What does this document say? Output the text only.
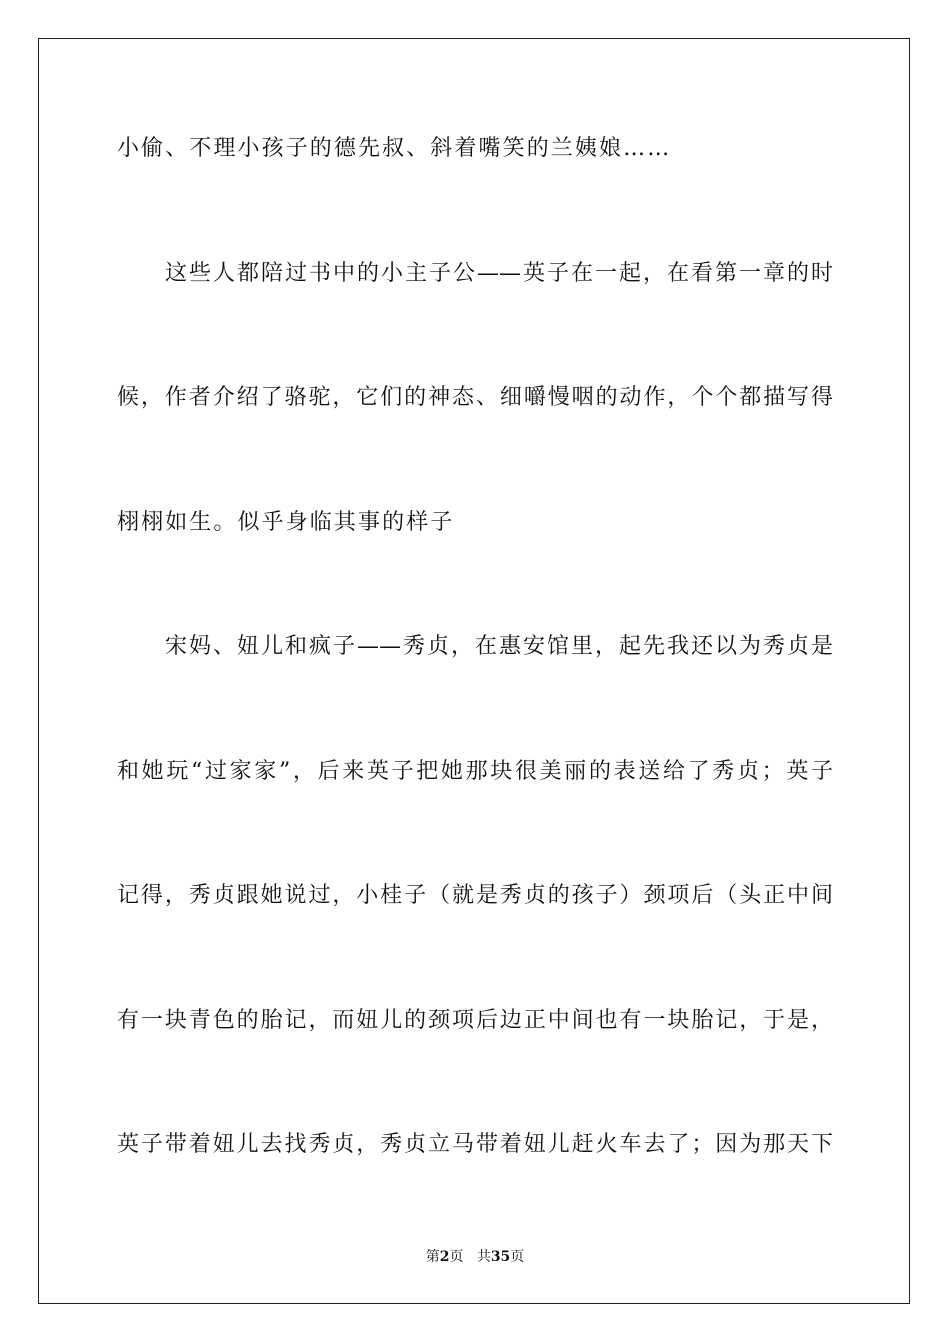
小偷、不理小孩子的德先叔、斜着嘴笑的兰姨娘……
这些人都陪过书中的小主子公——英子在一起，在看第一章的时
候，作者介绍了骆驼，它们的神态、细嚼慢咽的动作，个个都描写得
栩栩如生。似乎身临其事的样子
宋妈、妞儿和疯子——秀贞，在惠安馆里，起先我还以为秀贞是
和她玩“过家家”，后来英子把她那块很美丽的表送给了秀贞；英子
记得，秀贞跟她说过，小桂子（就是秀贞的孩子）颈项后（头正中间
有一块青色的胎记，而妞儿的颈项后边正中间也有一块胎记，于是，
英子带着妞儿去找秀贞，秀贞立马带着妞儿赶火车去了；因为那天下
第2页 共35页
